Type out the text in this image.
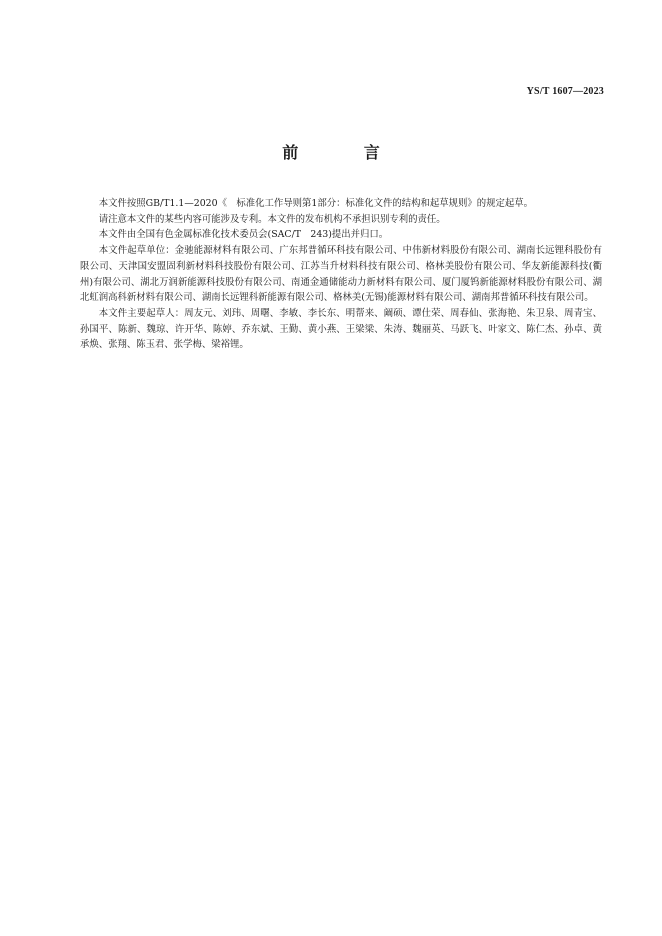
YS/T 1607—2023
前 言

本文件按照GB/T1.1—2020《　标准化工作导则第1部分：标准化文件的结构和起草规则》的规定起草。

请注意本文件的某些内容可能涉及专利。本文件的发布机构不承担识别专利的责任。

本文件由全国有色金属标准化技术委员会(SAC/T　243)提出并归口。

本文件起草单位：金驰能源材料有限公司、广东邦普循环科技有限公司、中伟新材料股份有限公司、湖南长远锂科股份有限公司、天津国安盟固利新材料科技股份有限公司、江苏当升材料科技有限公司、格林美股份有限公司、华友新能源科技(衢州)有限公司、湖北万润新能源科技股份有限公司、南通金通储能动力新材料有限公司、厦门厦钨新能源材料股份有限公司、湖北虹润高科新材料有限公司、湖南长远锂科新能源有限公司、格林美(无锡)能源材料有限公司、湖南邦普循环科技有限公司。

本文件主要起草人：周友元、刘玮、周曙、李敏、李长东、明帮来、阚硕、谭仕荣、周春仙、张海艳、朱卫泉、周青宝、孙国平、陈新、魏琼、许开华、陈婷、乔东斌、王勤、黄小燕、王梁梁、朱涛、魏丽英、马跃飞、叶家文、陈仁杰、孙卓、黄承焕、张翔、陈玉君、张学梅、梁裕锂。
